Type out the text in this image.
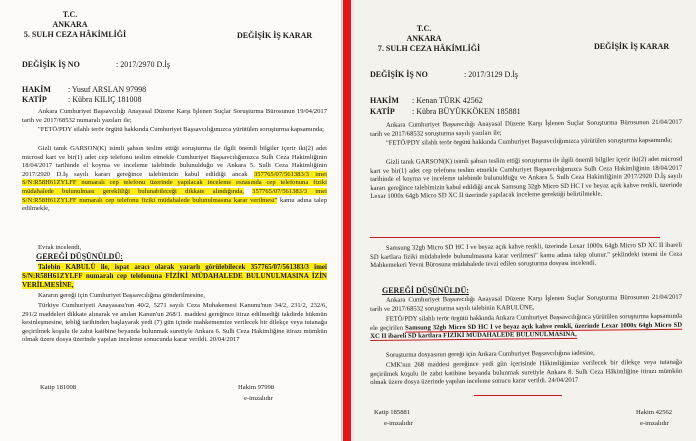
T.C.
ANKARA
5. SULH CEZA HÂKİMLİĞİ	DEĞİŞİK İŞ KARAR
DEĞİŞİK İŞ NO	: 2017/2970 D.İş
HAKİM : Yusuf ARSLAN 97998
KATİP	: Kübra KILIÇ 181008
Ankara Cumhuriyet Başsavcılığı Anayasal Düzene Karşı İşlenen Suçlar Soruşturma Bürosunun 19/04/2017 tarih ve 2017/68532 numaralı yazıları ile;
"FETÖ/PDY silahlı terör örgütü hakkında Cumhuriyet Başsavcılığımızca yürütülen soruşturma kapsamında;
Gizli tanık GARSON(K) isimli şahsın teslim ettiği soruşturma ile ilgili önemli bilgiler içerir iki(2) adet microsd kart ve bir(1) adet cep telefonu teslim etmekle Cumhuriyet Başsavcılığımızca Sulh Ceza Hakimliğinin 18/04/2017 tarihinde el koyma ve inceleme talebinde bulunulduğu ve Ankara 5. Sulh Ceza Hakimliğinin 2017/2920 D.İş sayılı kararı gereğince talebimizin kabul edildiği ancak 357765/07/561383/3 imei S/N:R58H61ZYLFF numaralı cep telefonu üzerinde yapılacak inceleme esnasında cep telefonuna fiziki müdahalede bulunulması gerekliliği bulunabileceği dikkate alındığında, 357765/07/561383/3 imei S/N:R58H61ZYLFF numaralı cep telefonu fiziki müdahalede bulunulmasına karar verilmesi" kamu adına talep edilmekle,
Evrak incelendi,
GEREĞİ DÜŞÜNÜLDÜ:
Talebin KABULÜ ile, ispat aracı olarak yararlı görülebilecek 357765/07/561383/3 imei S/N:R58H61ZYLFF numaralı cep telefonuna FİZİKİ MÜDAHALEDE BULUNULMASINA İZİN VERİLMESİNE,
Kararın gereği için Cumhuriyet Başsavcılığına gönderilmesine,
Türkiye Cumhuriyeti Anayasası'nın 40/2, 5271 sayılı Ceza Muhakemesi Kanunu'nun 34/2, 231/2, 232/6, 291/2 maddeleri dikkate alınarak ve anılan Kanun'un 268/1. maddesi gereğince itiraz edilmediği takdirde hükmün kesinleşmesine, tebliğ tarihinden başlayarak yedi (7) gün içinde mahkememize verilecek bir dilekçe veya tutanağa geçirilmek koşulu ile zabıt katibine beyanda bulunmak suretiyle Ankara 6. Sulh Ceza Hakimliğine itirazı mümkün olmak üzere dosya üzerinde yapılan inceleme sonucunda karar verildi. 20/04/2017
Katip 181008	Hakim 97998
e-imzalıdır
T.C.
ANKARA
7. SULH CEZA HÂKİMLİĞİ	DEĞİŞİK İŞ KARAR
DEĞİŞİK İŞ NO	: 2017/3129 D.İş
HAKİM : Kenan TÜRK 42562
KATİP : Kübra BÜYÜKKÖKEN 185881
Ankara Cumhuriyet Başsavcılığı Anayasal Düzene Karşı İşlenen Suçlar Soruşturma Bürosunun 21/04/2017 tarih ve 2017/68532 soruşturma sayılı yazıları ile;
"FETÖ/PDY silahlı terör örgütü hakkında Cumhuriyet Başsavcılığımızca yürütülen soruşturma kapsamında;
Gizli tanık GARSON(K) isimli şahsın teslim ettiği soruşturma ile ilgili önemli bilgiler içerir iki(2) adet microsd kart ve bir(1) adet cep telefonu teslim etmekle Cumhuriyet Başsavcılığımızca Sulh Ceza Hakimliğinin 18/04/2017 tarihinde el koyma ve inceleme talebinde bulunulduğu ve Ankara 5. Sulh Ceza Hakimliğinin 2017/2920 D.İş sayılı kararı gereğince talebimizin kabul edildiği ancak Samsung 32gb Micro SD HC I ve beyaz açık kahve renkli, üzerinde Lexar 1000x 64gb Micro SD XC II üzerinde yapılacak inceleme gerektiği belirtilmekle.
Samsung 32gb Micro SD HC I ve beyaz açık kahve renkli, üzerinde Lexar 1000x 64gb Micro SD XC II ibareli SD kartlara fiziki müdahalede bulunulmasına karar verilmesi" kamu adına talep olunur." şeklindeki istemi ile Ceza Mahkemekeri Yevni Bürosuna müdahalede tevzi edilen soruşturma dosyası incelendi.
GEREĞİ DÜŞÜNÜLDÜ:
Ankara Cumhuriyet Başsavcılığı Anayasal Düzene Karşı İşlenen Suçlar Soruşturma Bürosunun 21/04/2017 tarih ve 2017/68532 soruşturma sayılı talebinin KABULÜNE,
FETÖ/PDY silahlı terör örgütü hakkında Ankara Cumhuriyet Başsavcılığınca yürütülen soruşturma kapsamında ele geçirilen Samsung 32gb Micro SD HC I ve beyaz açık kahve renkli, üzerinde Lexar 1000x 64gb Micro SD XC II ibareli SD kartlara FİZİKİ MÜDAHALEDE BULUNULMASINA,
Soruşturma dosyasının gereği için Ankara Cumhuriyet Başsavcılığına iadesine,
CMK'nın 268 maddesi gereğince yedi gün içerisinde Hâkimliğimize verilecek bir dilekçe veya tutanağa geçirilmek koşulu ile zabıt katibine beyanda bulunmak suretiyle Ankara 8. Sulh Ceza Hâkimliğine itirazı mümkün olmak üzere dosya üzerinde yapılan inceleme sonucu karar verildi. 24/04/2017
Katip 185881	Hakim 42562
e-imzalıdır	e-imzalıdır
